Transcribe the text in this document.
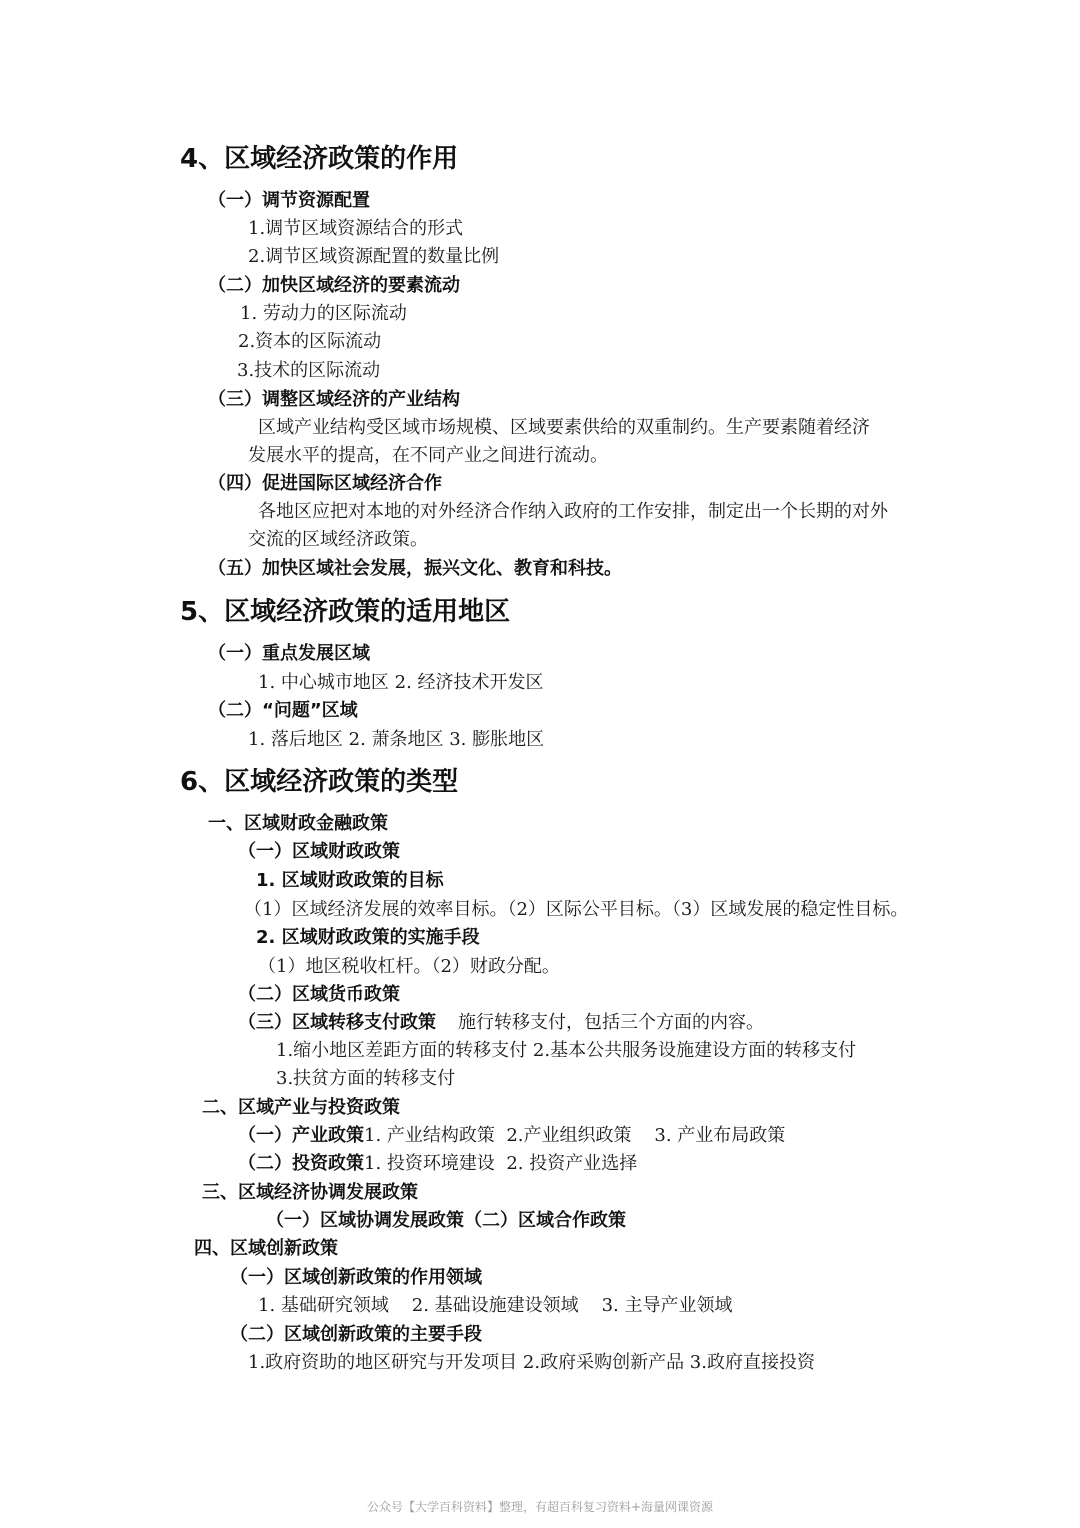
4、区域经济政策的作用
（一）调节资源配置
1.调节区域资源结合的形式
2.调节区域资源配置的数量比例
（二）加快区域经济的要素流动
1. 劳动力的区际流动
2.资本的区际流动
3.技术的区际流动
（三）调整区域经济的产业结构
区域产业结构受区域市场规模、区域要素供给的双重制约。生产要素随着经济
发展水平的提高，在不同产业之间进行流动。
（四）促进国际区域经济合作
各地区应把对本地的对外经济合作纳入政府的工作安排，制定出一个长期的对外
交流的区域经济政策。
（五）加快区域社会发展，振兴文化、教育和科技。
5、区域经济政策的适用地区
（一）重点发展区域
1. 中心城市地区 2. 经济技术开发区
（二）“问题”区域
1. 落后地区 2. 萧条地区 3. 膨胀地区
6、区域经济政策的类型
一、区域财政金融政策
（一）区域财政政策
1. 区域财政政策的目标
（1）区域经济发展的效率目标。（2）区际公平目标。（3）区域发展的稳定性目标。
2. 区域财政政策的实施手段
（1）地区税收杠杆。（2）财政分配。
（二）区域货币政策
（三）区域转移支付政策 施行转移支付，包括三个方面的内容。
1.缩小地区差距方面的转移支付 2.基本公共服务设施建设方面的转移支付
3.扶贫方面的转移支付
二、区域产业与投资政策
（一）产业政策1. 产业结构政策  2.产业组织政策    3. 产业布局政策
（二）投资政策1. 投资环境建设  2. 投资产业选择
三、区域经济协调发展政策
（一）区域协调发展政策（二）区域合作政策
四、区域创新政策
（一）区域创新政策的作用领域
1. 基础研究领域    2. 基础设施建设领域    3. 主导产业领域
（二）区域创新政策的主要手段
1.政府资助的地区研究与开发项目 2.政府采购创新产品 3.政府直接投资
公众号【大学百科资料】整理，有超百科复习资料+海量网课资源
